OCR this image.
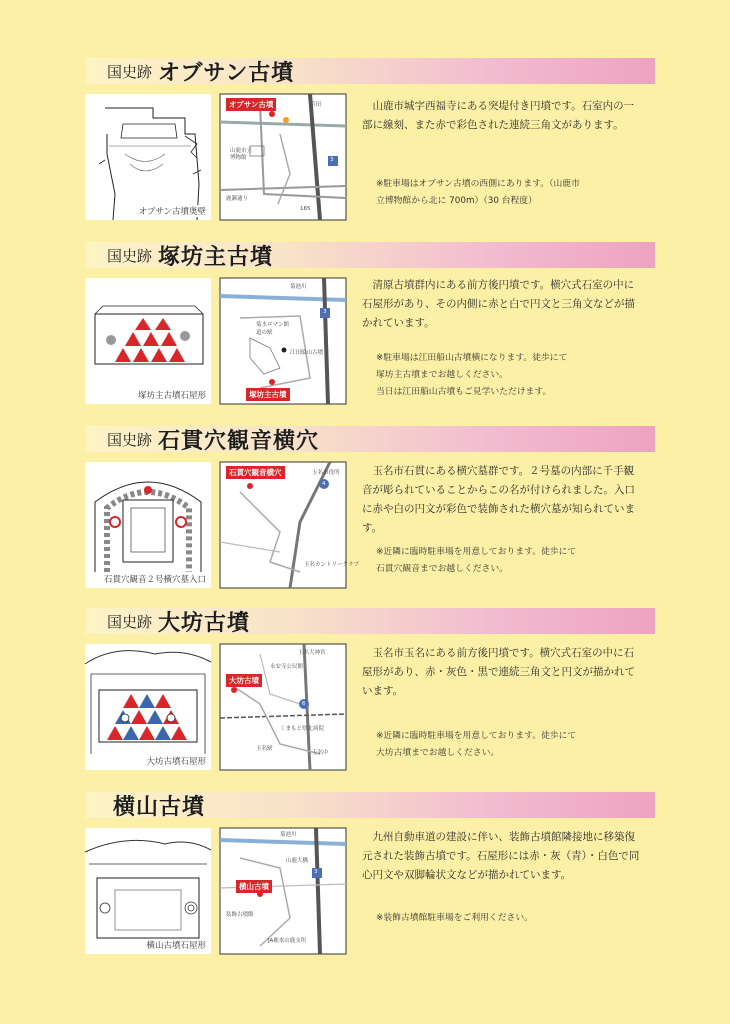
国史跡 オブサン古墳
オブサン古墳奥壁
オブサン古墳
山鹿市立
博物館
鹿瀬通り
浜田
3
165
山鹿市城字西福寺にある突堤付き円墳です。石室内の一部に線刻、また赤で彩色された連続三角文があります。
※駐車場はオブサン古墳の西側にあります。（山鹿市
立博物館から北に 700m）（30 台程度）
国史跡 塚坊主古墳
塚坊主古墳石屋形	塚坊主古墳
菊池川
菊水ロマン館
道の駅
江田船山古墳
3
清原古墳群内にある前方後円墳です。横穴式石室の中に石屋形があり、その内側に赤と白で円文と三角文などが描かれています。
※駐車場は江田船山古墳横になります。徒歩にて
塚坊主古墳までお越しください。
当日は江田船山古墳もご見学いただけます。
国史跡 石貫穴観音横穴
石貫穴観音２号横穴墓入口
石貫穴観音横穴	玉名市役所
玉名カントリークラブ
4
玉名市石貫にある横穴墓群です。２号墓の内部に千手観音が彫られていることからこの名が付けられました。入口に赤や白の円文が彩色で装飾された横穴墓が知られています。
※近隣に臨時駐車場を用意しております。徒歩にて
石貫穴観音までお越しください。
国史跡 大坊古墳
大坊古墳石屋形
大坊古墳
玉名大神宮
永安寺公民館
玉名駅
くまもと県北病院
玉名中
6
玉名市玉名にある前方後円墳です。横穴式石室の中に石屋形があり、赤・灰色・黒で連続三角文と円文が描かれています。
※近隣に臨時駐車場を用意しております。徒歩にて
大坊古墳までお越しください。
横山古墳
横山古墳石屋形
横山古墳
菊池川
山鹿大橋
装飾古墳館
JA鹿本山鹿支所
3
九州自動車道の建設に伴い、装飾古墳館隣接地に移築復元された装飾古墳です。石屋形には赤・灰（青）・白色で同心円文や双脚輪状文などが描かれています。
※装飾古墳館駐車場をご利用ください。
